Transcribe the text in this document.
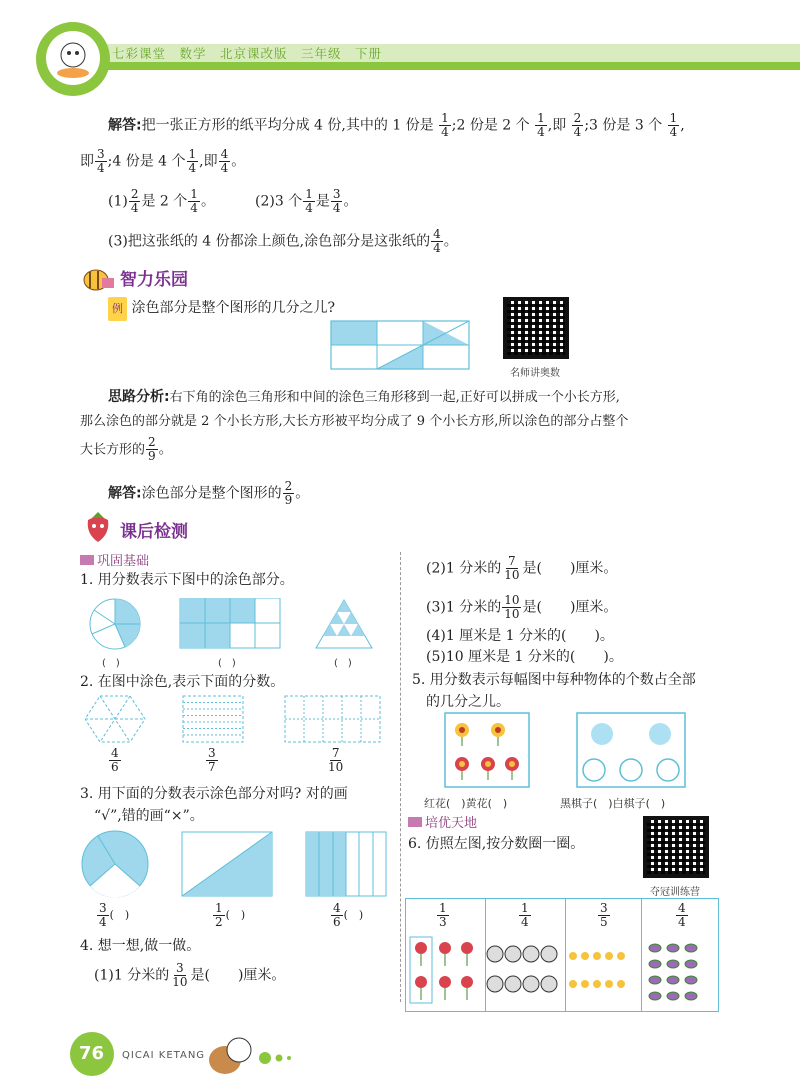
七彩课堂　数学　北京课改版　三年级　下册
解答:把一张正方形的纸平均分成 4 份,其中的 1 份是 $\frac{1}{4}$ ;2 份是 2 个 $\frac{1}{4}$ ,即 $\frac{2}{4}$ ;3 份是 3 个 $\frac{1}{4}$ ,
即 $\frac{3}{4}$ ;4 份是 4 个 $\frac{1}{4}$ ,即 $\frac{4}{4}$ 。
$(1) \frac{2}{4}$ 是 2 个 $\frac{1}{4}$ 。	(2)3 个 $\frac{1}{4}$ 是 $\frac{3}{4}$ 。
(3)把这张纸的 4 份都涂上颜色,涂色部分是这张纸的 $\frac{4}{4}$ 。
智力乐园
例 涂色部分是整个图形的几分之儿?
名师讲奥数
思路分析:右下角的涂色三角形和中间的涂色三角形移到一起,正好可以拼成一个小长方形,
那么涂色的部分就是 2 个小长方形,大长方形被平均分成了 9 个小长方形,所以涂色的部分占整个
大长方形的 $\frac{2}{9}$ 。
解答:涂色部分是整个图形的 $\frac{2}{9}$ 。
课后检测
巩固基础
1. 用分数表示下图中的涂色部分。
(　)	(　)	(　)
2. 在图中涂色,表示下面的分数。
$\frac{4}{6}$	$\frac{3}{7}$	$\frac{7}{10}$
3. 用下面的分数表示涂色部分对吗? 对的画
“√”,错的画“×”。
$\frac{3}{4}$ (　)	$\frac{1}{2}$ (　)	$\frac{4}{6}$ (　)
4. 想一想,做一做。
(1)1 分米的 $\frac{3}{10}$ 是(　　)厘米。
(2)1 分米的 $\frac{7}{10}$ 是(　　)厘米。
(3)1 分米的 $\frac{10}{10}$ 是(　　)厘米。
(4)1 厘米是 1 分米的(　　)。
(5)10 厘米是 1 分米的(　　)。
5. 用分数表示每幅图中每种物体的个数占全部
的几分之儿。
红花(　)黄花(　)	黑棋子(　)白棋子(　)
培优天地
6. 仿照左图,按分数圈一圈。
夺冠训练营
$\frac{1}{3}$	$\frac{1}{4}$	$\frac{3}{5}$	$\frac{4}{4}$
76 QICAI KETANG
